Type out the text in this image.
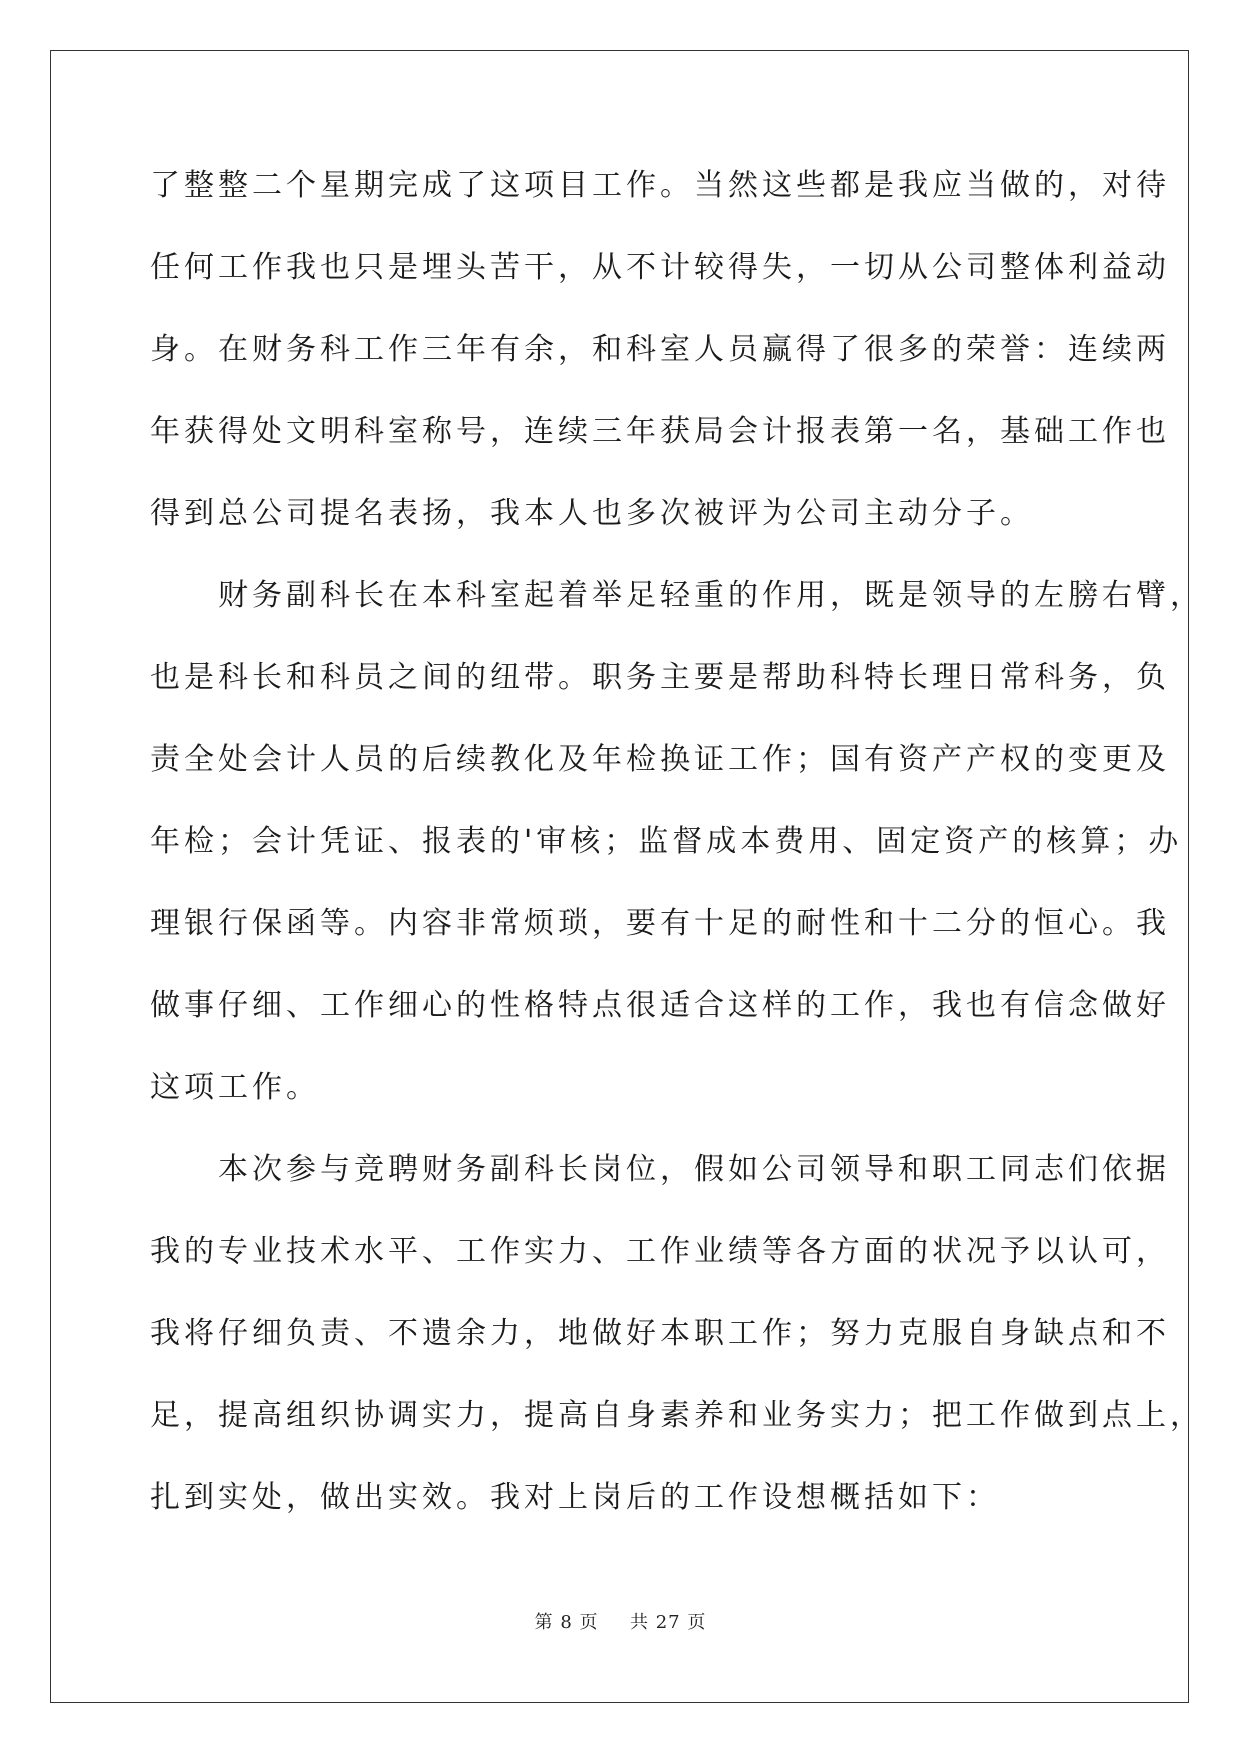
了整整二个星期完成了这项目工作。当然这些都是我应当做的，对待
任何工作我也只是埋头苦干，从不计较得失，一切从公司整体利益动
身。在财务科工作三年有余，和科室人员赢得了很多的荣誉：连续两
年获得处文明科室称号，连续三年获局会计报表第一名，基础工作也
得到总公司提名表扬，我本人也多次被评为公司主动分子。

财务副科长在本科室起着举足轻重的作用，既是领导的左膀右臂，
也是科长和科员之间的纽带。职务主要是帮助科特长理日常科务，负
责全处会计人员的后续教化及年检换证工作；国有资产产权的变更及
年检；会计凭证、报表的'审核；监督成本费用、固定资产的核算；办
理银行保函等。内容非常烦琐，要有十足的耐性和十二分的恒心。我
做事仔细、工作细心的性格特点很适合这样的工作，我也有信念做好
这项工作。

本次参与竞聘财务副科长岗位，假如公司领导和职工同志们依据
我的专业技术水平、工作实力、工作业绩等各方面的状况予以认可，
我将仔细负责、不遗余力，地做好本职工作；努力克服自身缺点和不
足，提高组织协调实力，提高自身素养和业务实力；把工作做到点上，
扎到实处，做出实效。我对上岗后的工作设想概括如下：

第 8 页 共 27 页
